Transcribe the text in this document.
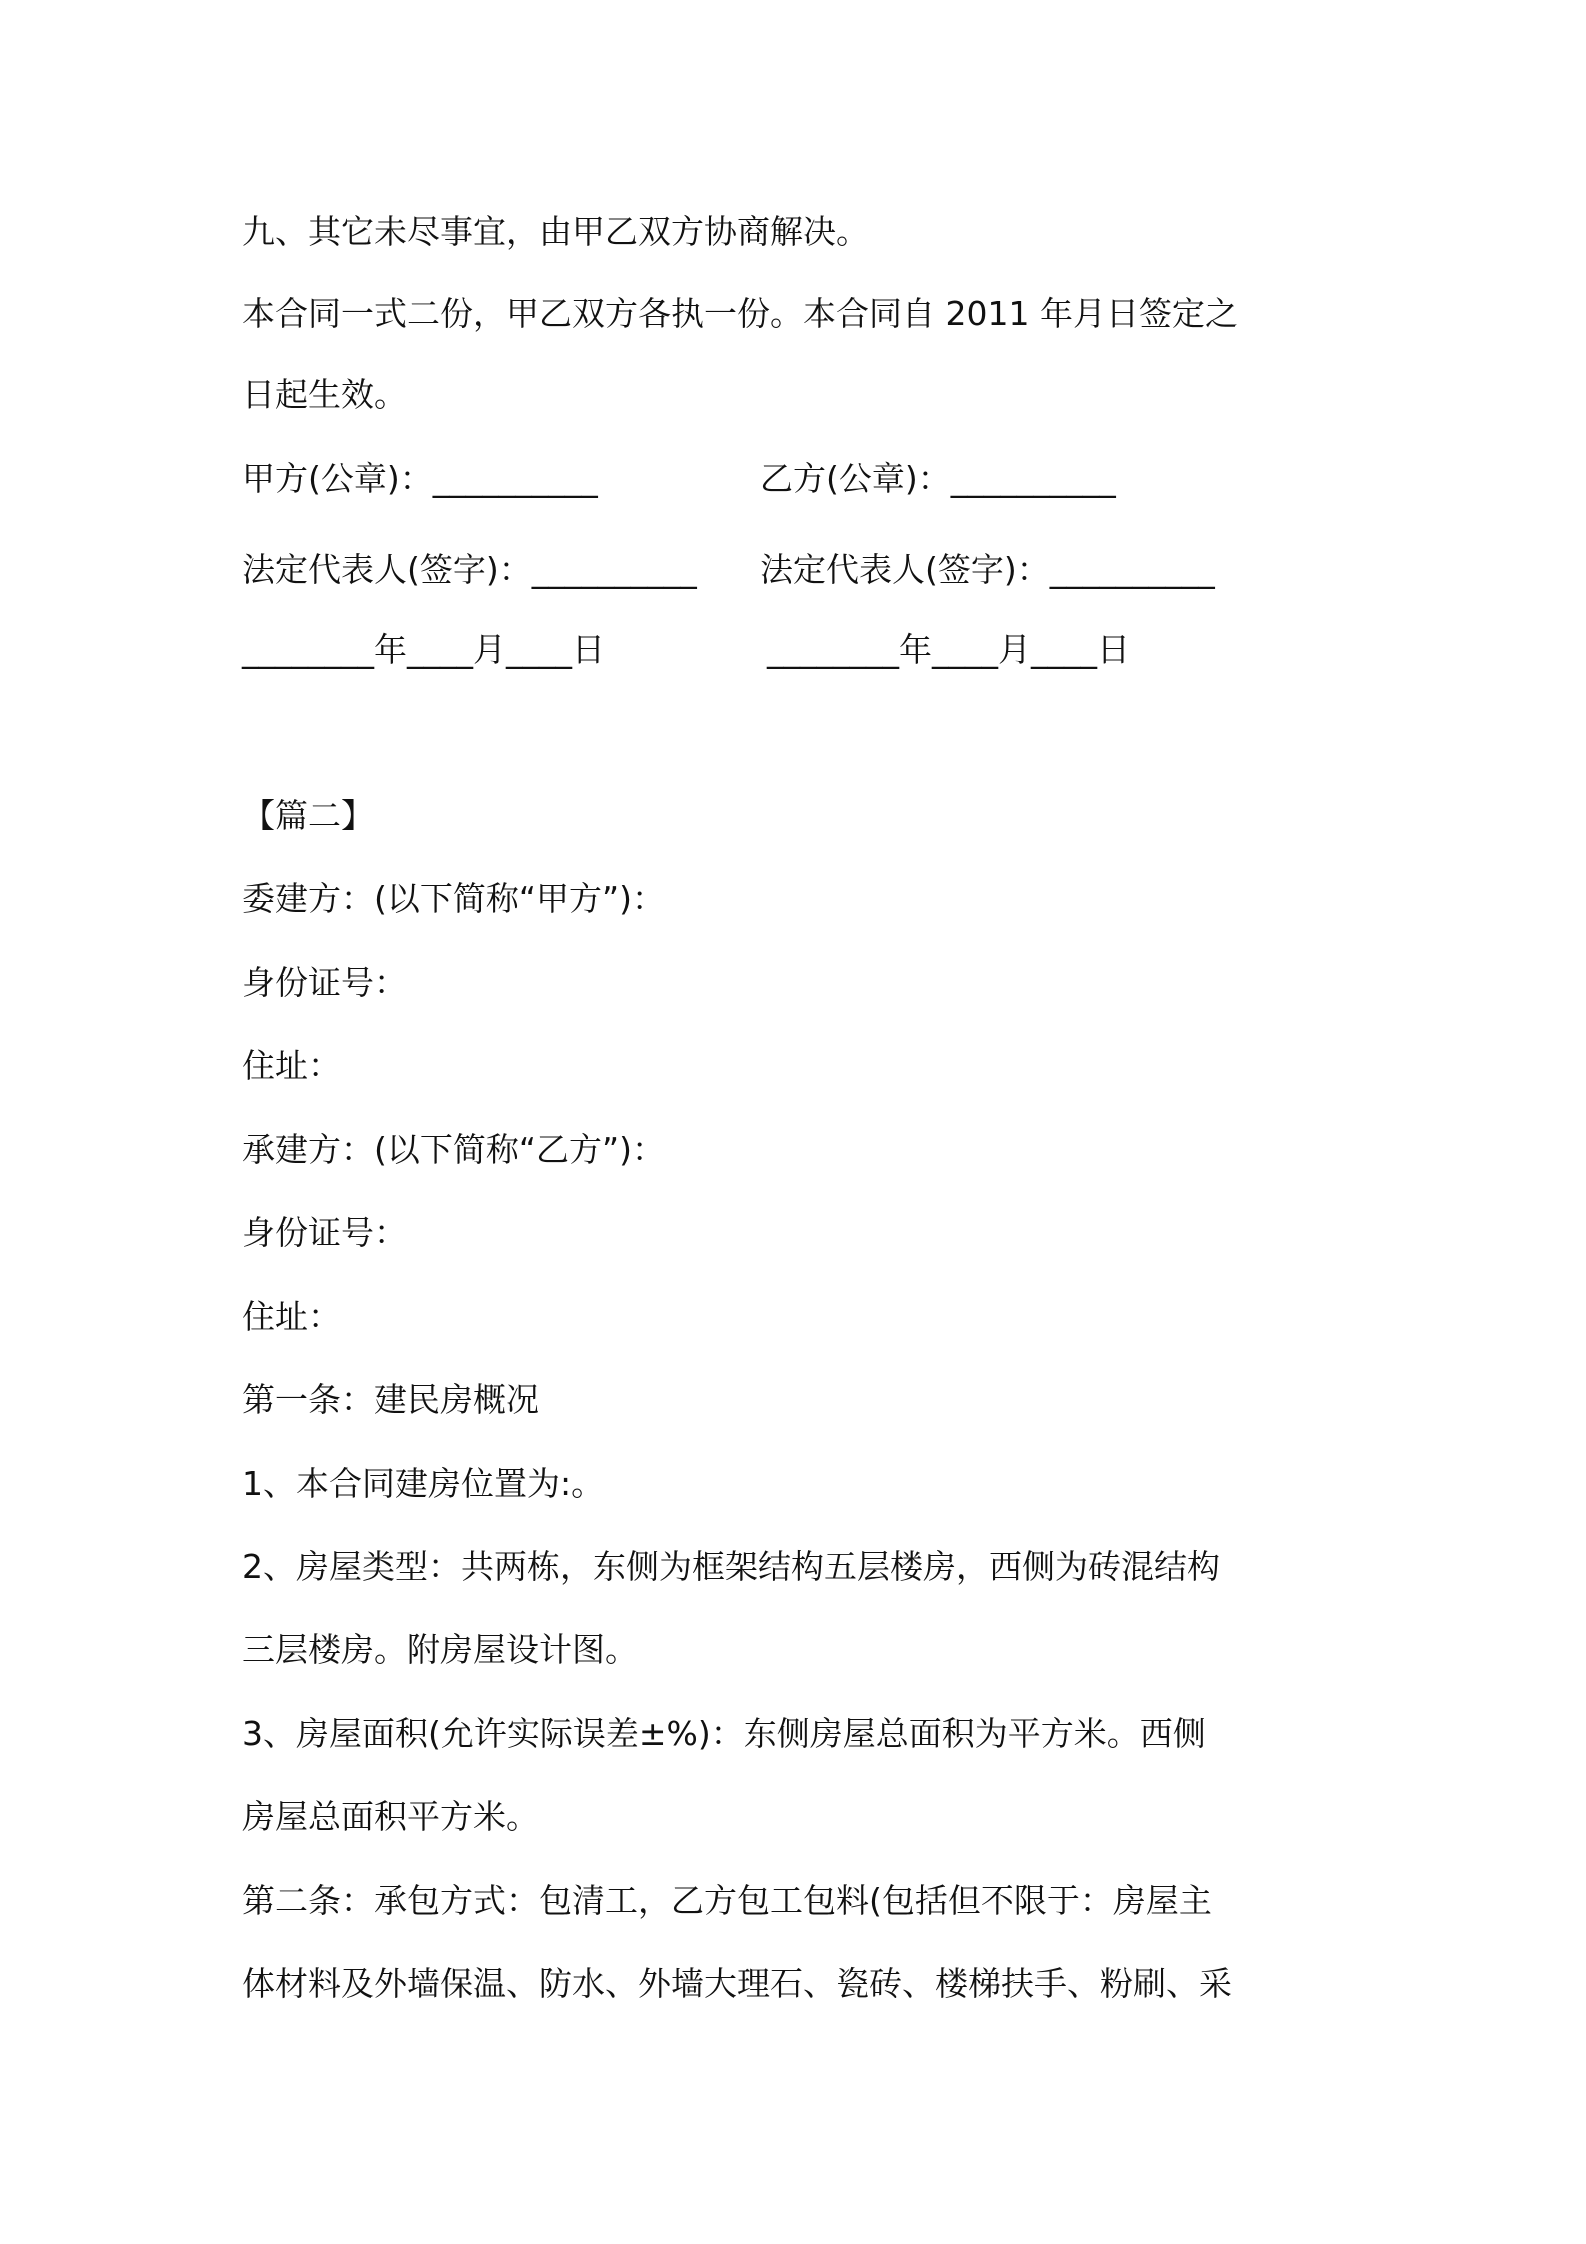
九、其它未尽事宜，由甲乙双方协商解决。
本合同一式二份，甲乙双方各执一份。本合同自 2011 年月日签定之
日起生效。
甲方(公章)：__________	乙方(公章)：__________
法定代表人(签字)：__________ 法定代表人(签字)：__________
________年____月____日	________年____月____日
【篇二】
委建方：(以下简称“甲方”)：
身份证号：
住址：
承建方：(以下简称“乙方”)：
身份证号：
住址：
第一条：建民房概况
1、本合同建房位置为:。
2、房屋类型：共两栋，东侧为框架结构五层楼房，西侧为砖混结构
三层楼房。附房屋设计图。
3、房屋面积(允许实际误差±%)：东侧房屋总面积为平方米。西侧
房屋总面积平方米。
第二条：承包方式：包清工，乙方包工包料(包括但不限于：房屋主
体材料及外墙保温、防水、外墙大理石、瓷砖、楼梯扶手、粉刷、采
